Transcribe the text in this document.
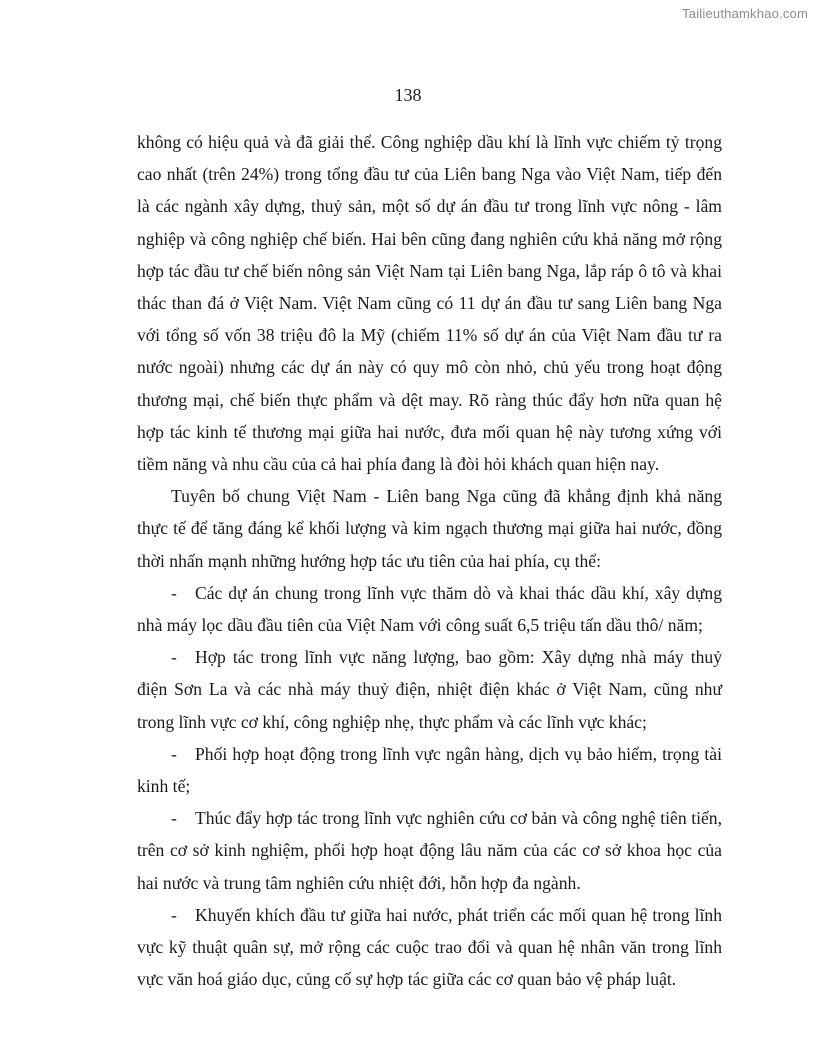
Tailieuthamkhao.com
138

không có hiệu quả và đã giải thể. Công nghiệp dầu khí là lĩnh vực chiếm tỷ trọng cao nhất (trên 24%) trong tổng đầu tư của Liên bang Nga vào Việt Nam, tiếp đến là các ngành xây dựng, thuỷ sản, một số dự án đầu tư trong lĩnh vực nông - lâm nghiệp và công nghiệp chế biến. Hai bên cũng đang nghiên cứu khả năng mở rộng hợp tác đầu tư chế biến nông sản Việt Nam tại Liên bang Nga, lắp ráp ô tô và khai thác than đá ở Việt Nam. Việt Nam cũng có 11 dự án đầu tư sang Liên bang Nga với tổng số vốn 38 triệu đô la Mỹ (chiếm 11% số dự án của Việt Nam đầu tư ra nước ngoài) nhưng các dự án này có quy mô còn nhỏ, chủ yếu trong hoạt động thương mại, chế biến thực phẩm và dệt may. Rõ ràng thúc đẩy hơn nữa quan hệ hợp tác kinh tế thương mại giữa hai nước, đưa mối quan hệ này tương xứng với tiềm năng và nhu cầu của cả hai phía đang là đòi hỏi khách quan hiện nay.

Tuyên bố chung Việt Nam - Liên bang Nga cũng đã khẳng định khả năng thực tế để tăng đáng kể khối lượng và kim ngạch thương mại giữa hai nước, đồng thời nhấn mạnh những hướng hợp tác ưu tiên của hai phía, cụ thể:

- Các dự án chung trong lĩnh vực thăm dò và khai thác dầu khí, xây dựng nhà máy lọc dầu đầu tiên của Việt Nam với công suất 6,5 triệu tấn dầu thô/ năm;

- Hợp tác trong lĩnh vực năng lượng, bao gồm: Xây dựng nhà máy thuỷ điện Sơn La và các nhà máy thuỷ điện, nhiệt điện khác ở Việt Nam, cũng như trong lĩnh vực cơ khí, công nghiệp nhẹ, thực phẩm và các lĩnh vực khác;

- Phối hợp hoạt động trong lĩnh vực ngân hàng, dịch vụ bảo hiểm, trọng tài kinh tế;

- Thúc đẩy hợp tác trong lĩnh vực nghiên cứu cơ bản và công nghệ tiên tiến, trên cơ sở kinh nghiệm, phối hợp hoạt động lâu năm của các cơ sở khoa học của hai nước và trung tâm nghiên cứu nhiệt đới, hỗn hợp đa ngành.

- Khuyến khích đầu tư giữa hai nước, phát triển các mối quan hệ trong lĩnh vực kỹ thuật quân sự, mở rộng các cuộc trao đổi và quan hệ nhân văn trong lĩnh vực văn hoá giáo dục, củng cố sự hợp tác giữa các cơ quan bảo vệ pháp luật.
